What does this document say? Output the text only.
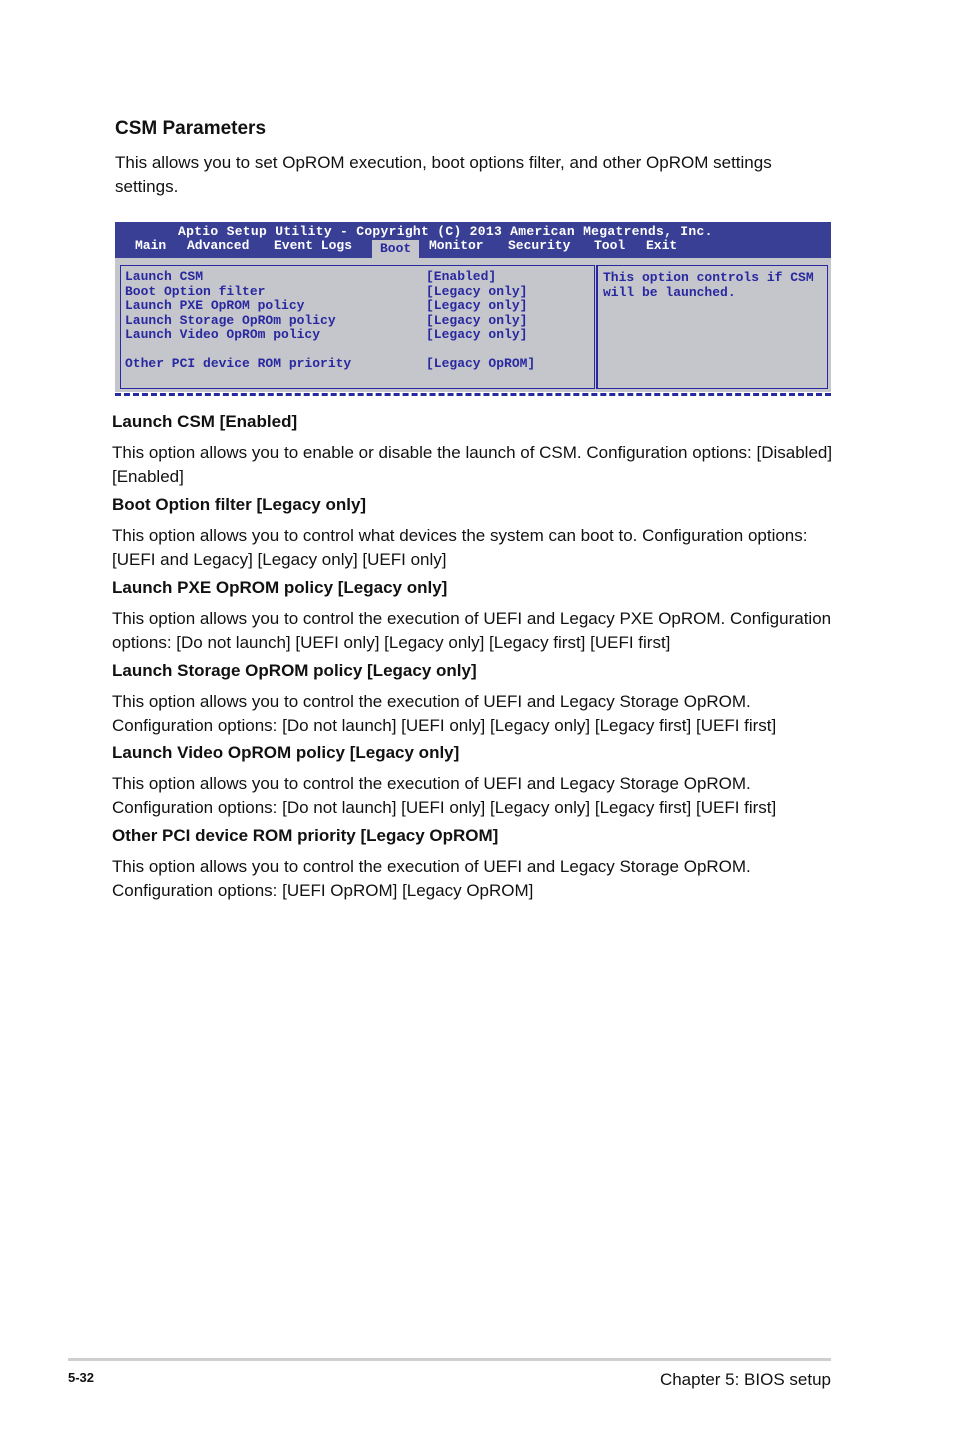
CSM Parameters

This allows you to set OpROM execution, boot options filter, and other OpROM settings settings.

Aptio Setup Utility - Copyright (C) 2013 American Megatrends, Inc.
Main Advanced Event Logs	Boot	Monitor Security Tool Exit
Launch CSM	[Enabled]
Boot Option filter	[Legacy only]
Launch PXE OpROM policy	[Legacy only]
Launch Storage OpROm policy	[Legacy only]
Launch Video OpROm policy	[Legacy only]
Other PCI device ROM priority	[Legacy OpROM]
This option controls if CSM will be launched.
Launch CSM [Enabled]

This option allows you to enable or disable the launch of CSM. Configuration options: [Disabled] [Enabled]

Boot Option filter [Legacy only]

This option allows you to control what devices the system can boot to. Configuration options: [UEFI and Legacy] [Legacy only] [UEFI only]

Launch PXE OpROM policy [Legacy only]

This option allows you to control the execution of UEFI and Legacy PXE OpROM. Configuration options: [Do not launch] [UEFI only] [Legacy only] [Legacy first] [UEFI first]

Launch Storage OpROM policy [Legacy only]

This option allows you to control the execution of UEFI and Legacy Storage OpROM. Configuration options: [Do not launch] [UEFI only] [Legacy only] [Legacy first] [UEFI first]

Launch Video OpROM policy [Legacy only]

This option allows you to control the execution of UEFI and Legacy Storage OpROM. Configuration options: [Do not launch] [UEFI only] [Legacy only] [Legacy first] [UEFI first]

Other PCI device ROM priority [Legacy OpROM]

This option allows you to control the execution of UEFI and Legacy Storage OpROM. Configuration options: [UEFI OpROM] [Legacy OpROM]

5-32	Chapter 5: BIOS setup
